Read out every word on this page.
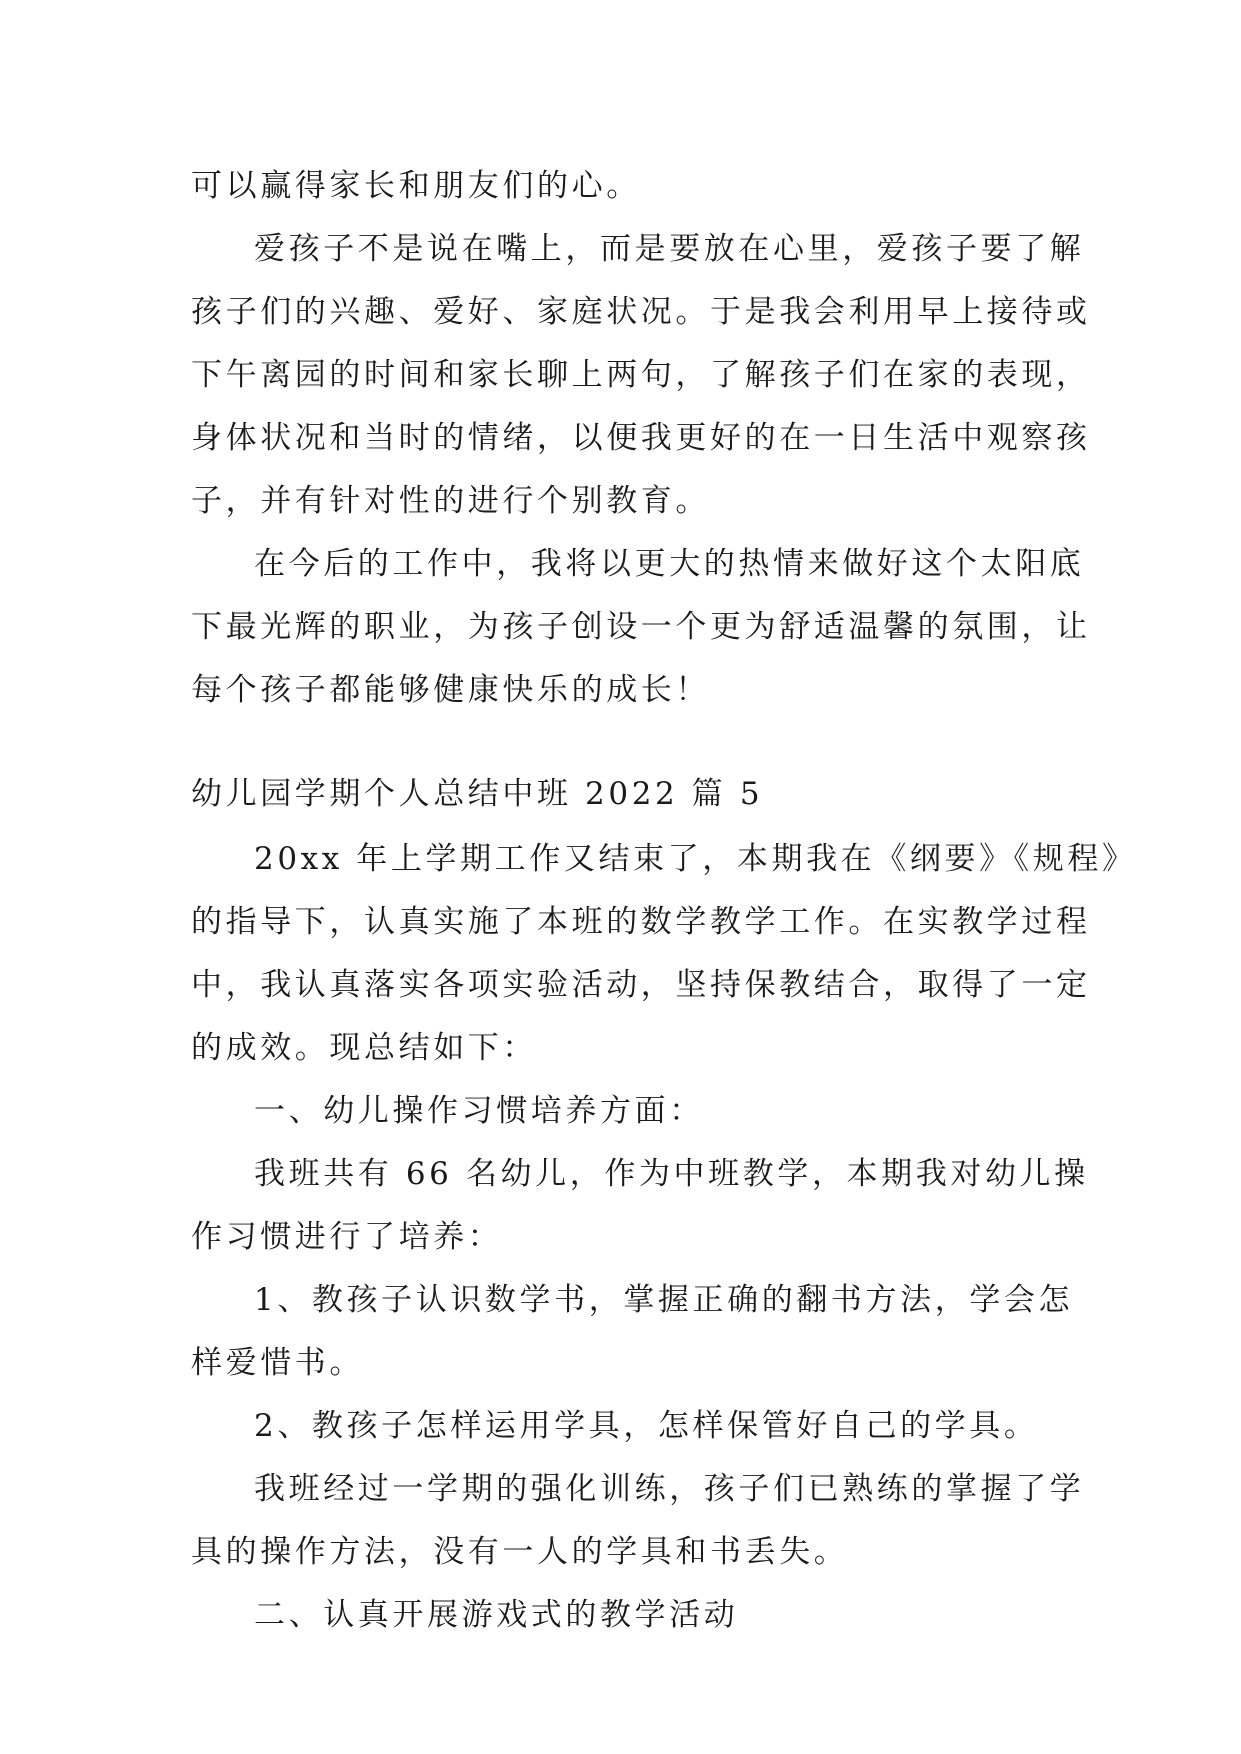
可以赢得家长和朋友们的心。
爱孩子不是说在嘴上，而是要放在心里，爱孩子要了解
孩子们的兴趣、爱好、家庭状况。于是我会利用早上接待或
下午离园的时间和家长聊上两句，了解孩子们在家的表现，
身体状况和当时的情绪，以便我更好的在一日生活中观察孩
子，并有针对性的进行个别教育。
在今后的工作中，我将以更大的热情来做好这个太阳底
下最光辉的职业，为孩子创设一个更为舒适温馨的氛围，让
每个孩子都能够健康快乐的成长！
幼儿园学期个人总结中班 2022 篇 5
20xx 年上学期工作又结束了，本期我在《纲要》《规程》
的指导下，认真实施了本班的数学教学工作。在实教学过程
中，我认真落实各项实验活动，坚持保教结合，取得了一定
的成效。现总结如下：
一、幼儿操作习惯培养方面：
我班共有 66 名幼儿，作为中班教学，本期我对幼儿操
作习惯进行了培养：
1、教孩子认识数学书，掌握正确的翻书方法，学会怎
样爱惜书。
2、教孩子怎样运用学具，怎样保管好自己的学具。
我班经过一学期的强化训练，孩子们已熟练的掌握了学
具的操作方法，没有一人的学具和书丢失。
二、认真开展游戏式的教学活动
